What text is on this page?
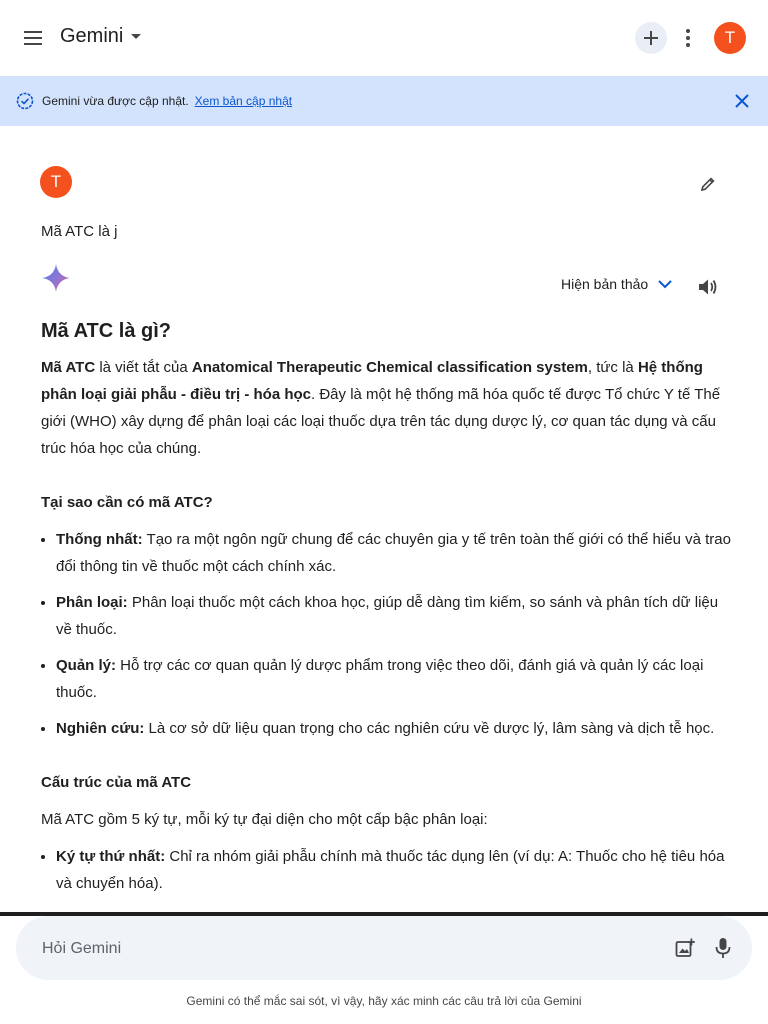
Gemini	T
Gemini vừa được cập nhật. Xem bản cập nhật
T
Mã ATC là j
Hiện bản thảo
Mã ATC là gì?

Mã ATC là viết tắt của Anatomical Therapeutic Chemical classification system, tức là Hệ thống phân loại giải phẫu - điều trị - hóa học. Đây là một hệ thống mã hóa quốc tế được Tổ chức Y tế Thế giới (WHO) xây dựng để phân loại các loại thuốc dựa trên tác dụng dược lý, cơ quan tác dụng và cấu trúc hóa học của chúng.

Tại sao cần có mã ATC?
• Thống nhất: Tạo ra một ngôn ngữ chung để các chuyên gia y tế trên toàn thế giới có thể hiểu và trao đổi thông tin về thuốc một cách chính xác.
• Phân loại: Phân loại thuốc một cách khoa học, giúp dễ dàng tìm kiếm, so sánh và phân tích dữ liệu về thuốc.
• Quản lý: Hỗ trợ các cơ quan quản lý dược phẩm trong việc theo dõi, đánh giá và quản lý các loại thuốc.
• Nghiên cứu: Là cơ sở dữ liệu quan trọng cho các nghiên cứu về dược lý, lâm sàng và dịch tễ học.
Cấu trúc của mã ATC

Mã ATC gồm 5 ký tự, mỗi ký tự đại diện cho một cấp bậc phân loại:

• Ký tự thứ nhất: Chỉ ra nhóm giải phẫu chính mà thuốc tác dụng lên (ví dụ: A: Thuốc cho hệ tiêu hóa và chuyển hóa).
Hỏi Gemini
Gemini có thể mắc sai sót, vì vậy, hãy xác minh các câu trả lời của Gemini
